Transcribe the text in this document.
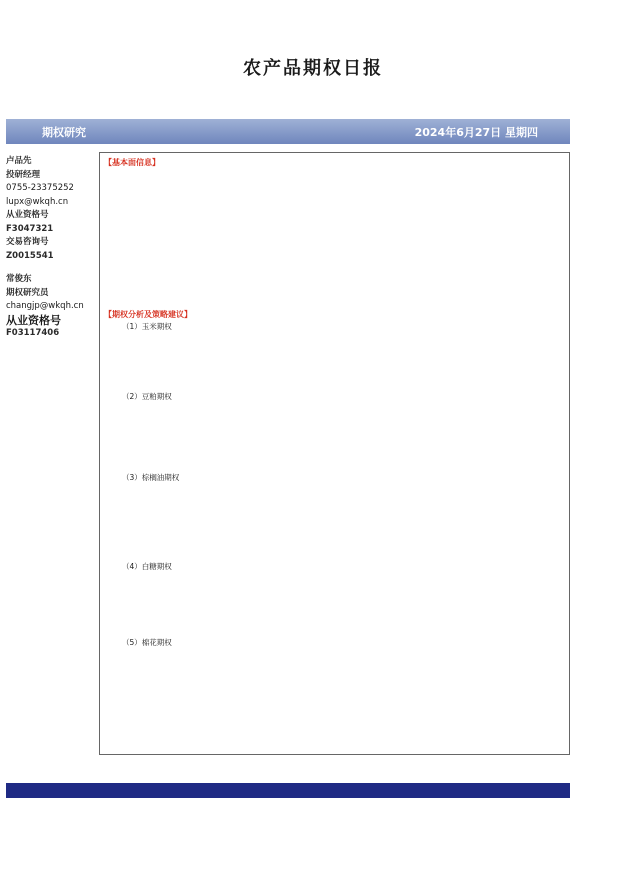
农产品期权日报
期权研究	2024年6月27日 星期四
卢品先
投研经理
0755-23375252
lupx@wkqh.cn
从业资格号
F3047321
交易咨询号
Z0015541
常俊东
期权研究员
changjp@wkqh.cn
从业资格号
F03117406
【基本面信息】
【期权分析及策略建议】
（1）玉米期权
（2）豆粕期权
（3）棕榈油期权
（4）白糖期权
（5）棉花期权
